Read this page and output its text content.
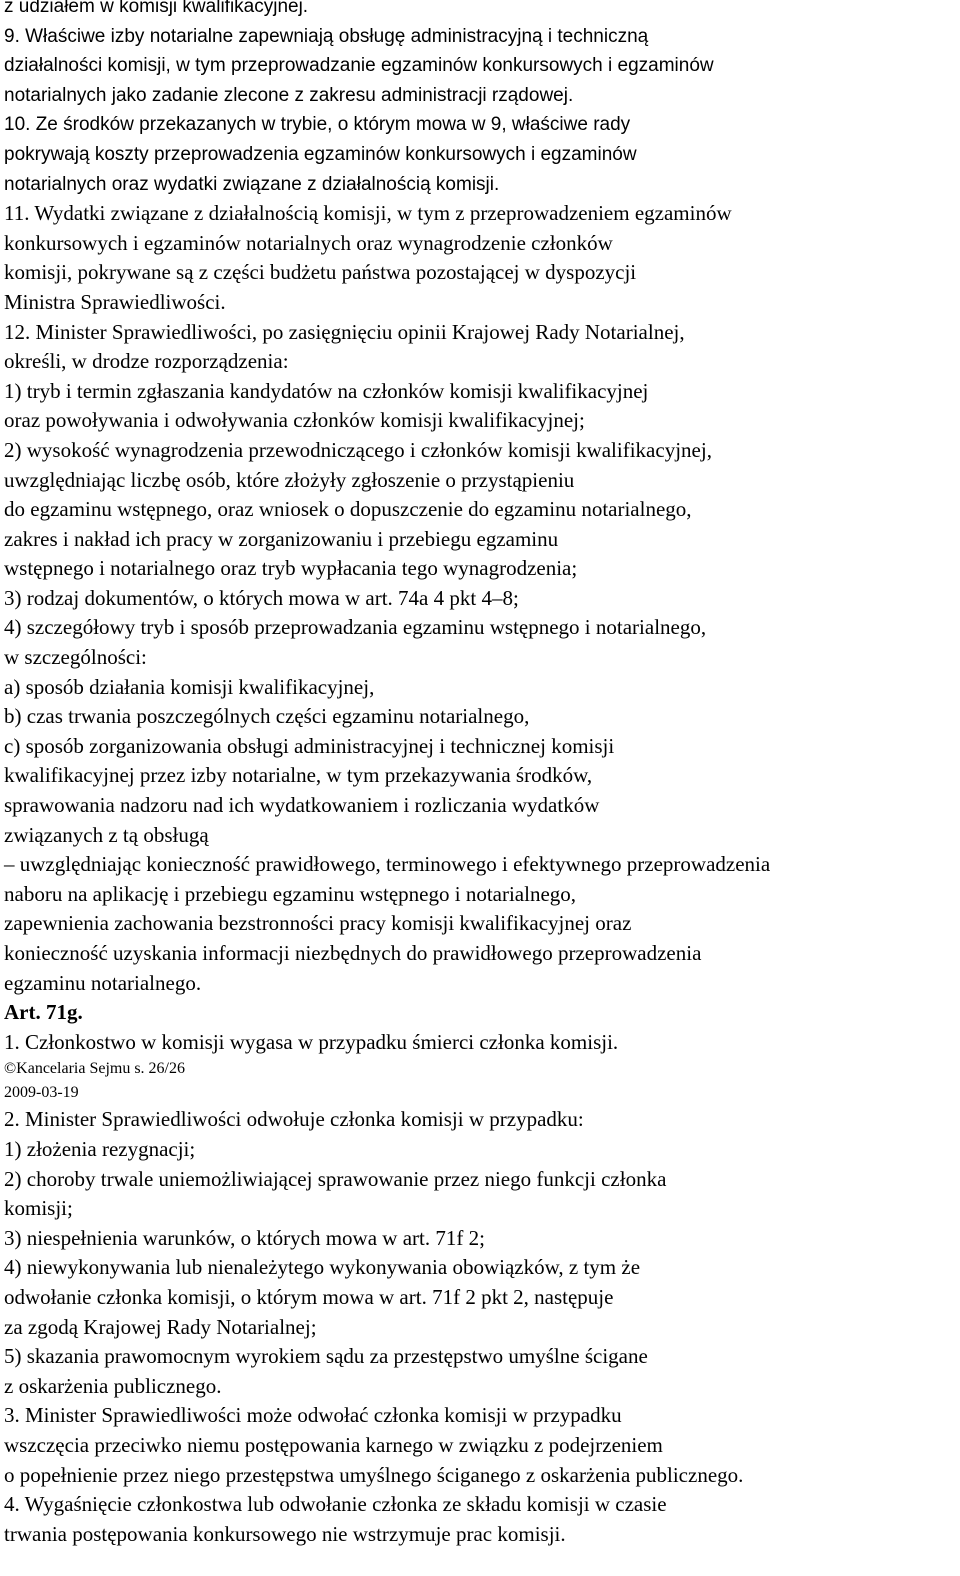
z udziałem w komisji kwalifikacyjnej.
9. Właściwe izby notarialne zapewniają obsługę administracyjną i techniczną
działalności komisji, w tym przeprowadzanie egzaminów konkursowych i egzaminów
notarialnych jako zadanie zlecone z zakresu administracji rządowej.
10. Ze środków przekazanych w trybie, o którym mowa w 9, właściwe rady
pokrywają koszty przeprowadzenia egzaminów konkursowych i egzaminów
notarialnych oraz wydatki związane z działalnością komisji.
11. Wydatki związane z działalnością komisji, w tym z przeprowadzeniem egzaminów
konkursowych i egzaminów notarialnych oraz wynagrodzenie członków
komisji, pokrywane są z części budżetu państwa pozostającej w dyspozycji
Ministra Sprawiedliwości.
12. Minister Sprawiedliwości, po zasięgnięciu opinii Krajowej Rady Notarialnej,
określi, w drodze rozporządzenia:
1) tryb i termin zgłaszania kandydatów na członków komisji kwalifikacyjnej
oraz powoływania i odwoływania członków komisji kwalifikacyjnej;
2) wysokość wynagrodzenia przewodniczącego i członków komisji kwalifikacyjnej,
uwzględniając liczbę osób, które złożyły zgłoszenie o przystąpieniu
do egzaminu wstępnego, oraz wniosek o dopuszczenie do egzaminu notarialnego,
zakres i nakład ich pracy w zorganizowaniu i przebiegu egzaminu
wstępnego i notarialnego oraz tryb wypłacania tego wynagrodzenia;
3) rodzaj dokumentów, o których mowa w art. 74a 4 pkt 4–8;
4) szczegółowy tryb i sposób przeprowadzania egzaminu wstępnego i notarialnego,
w szczególności:
a) sposób działania komisji kwalifikacyjnej,
b) czas trwania poszczególnych części egzaminu notarialnego,
c) sposób zorganizowania obsługi administracyjnej i technicznej komisji
kwalifikacyjnej przez izby notarialne, w tym przekazywania środków,
sprawowania nadzoru nad ich wydatkowaniem i rozliczania wydatków
związanych z tą obsługą
– uwzględniając konieczność prawidłowego, terminowego i efektywnego przeprowadzenia
naboru na aplikację i przebiegu egzaminu wstępnego i notarialnego,
zapewnienia zachowania bezstronności pracy komisji kwalifikacyjnej oraz
konieczność uzyskania informacji niezbędnych do prawidłowego przeprowadzenia
egzaminu notarialnego.
Art. 71g.
1. Członkostwo w komisji wygasa w przypadku śmierci członka komisji.
©Kancelaria Sejmu s. 26/26
2009-03-19
2. Minister Sprawiedliwości odwołuje członka komisji w przypadku:
1) złożenia rezygnacji;
2) choroby trwale uniemożliwiającej sprawowanie przez niego funkcji członka
komisji;
3) niespełnienia warunków, o których mowa w art. 71f 2;
4) niewykonywania lub nienależytego wykonywania obowiązków, z tym że
odwołanie członka komisji, o którym mowa w art. 71f 2 pkt 2, następuje
za zgodą Krajowej Rady Notarialnej;
5) skazania prawomocnym wyrokiem sądu za przestępstwo umyślne ścigane
z oskarżenia publicznego.
3. Minister Sprawiedliwości może odwołać członka komisji w przypadku
wszczęcia przeciwko niemu postępowania karnego w związku z podejrzeniem
o popełnienie przez niego przestępstwa umyślnego ściganego z oskarżenia publicznego.
4. Wygaśnięcie członkostwa lub odwołanie członka ze składu komisji w czasie
trwania postępowania konkursowego nie wstrzymuje prac komisji.
